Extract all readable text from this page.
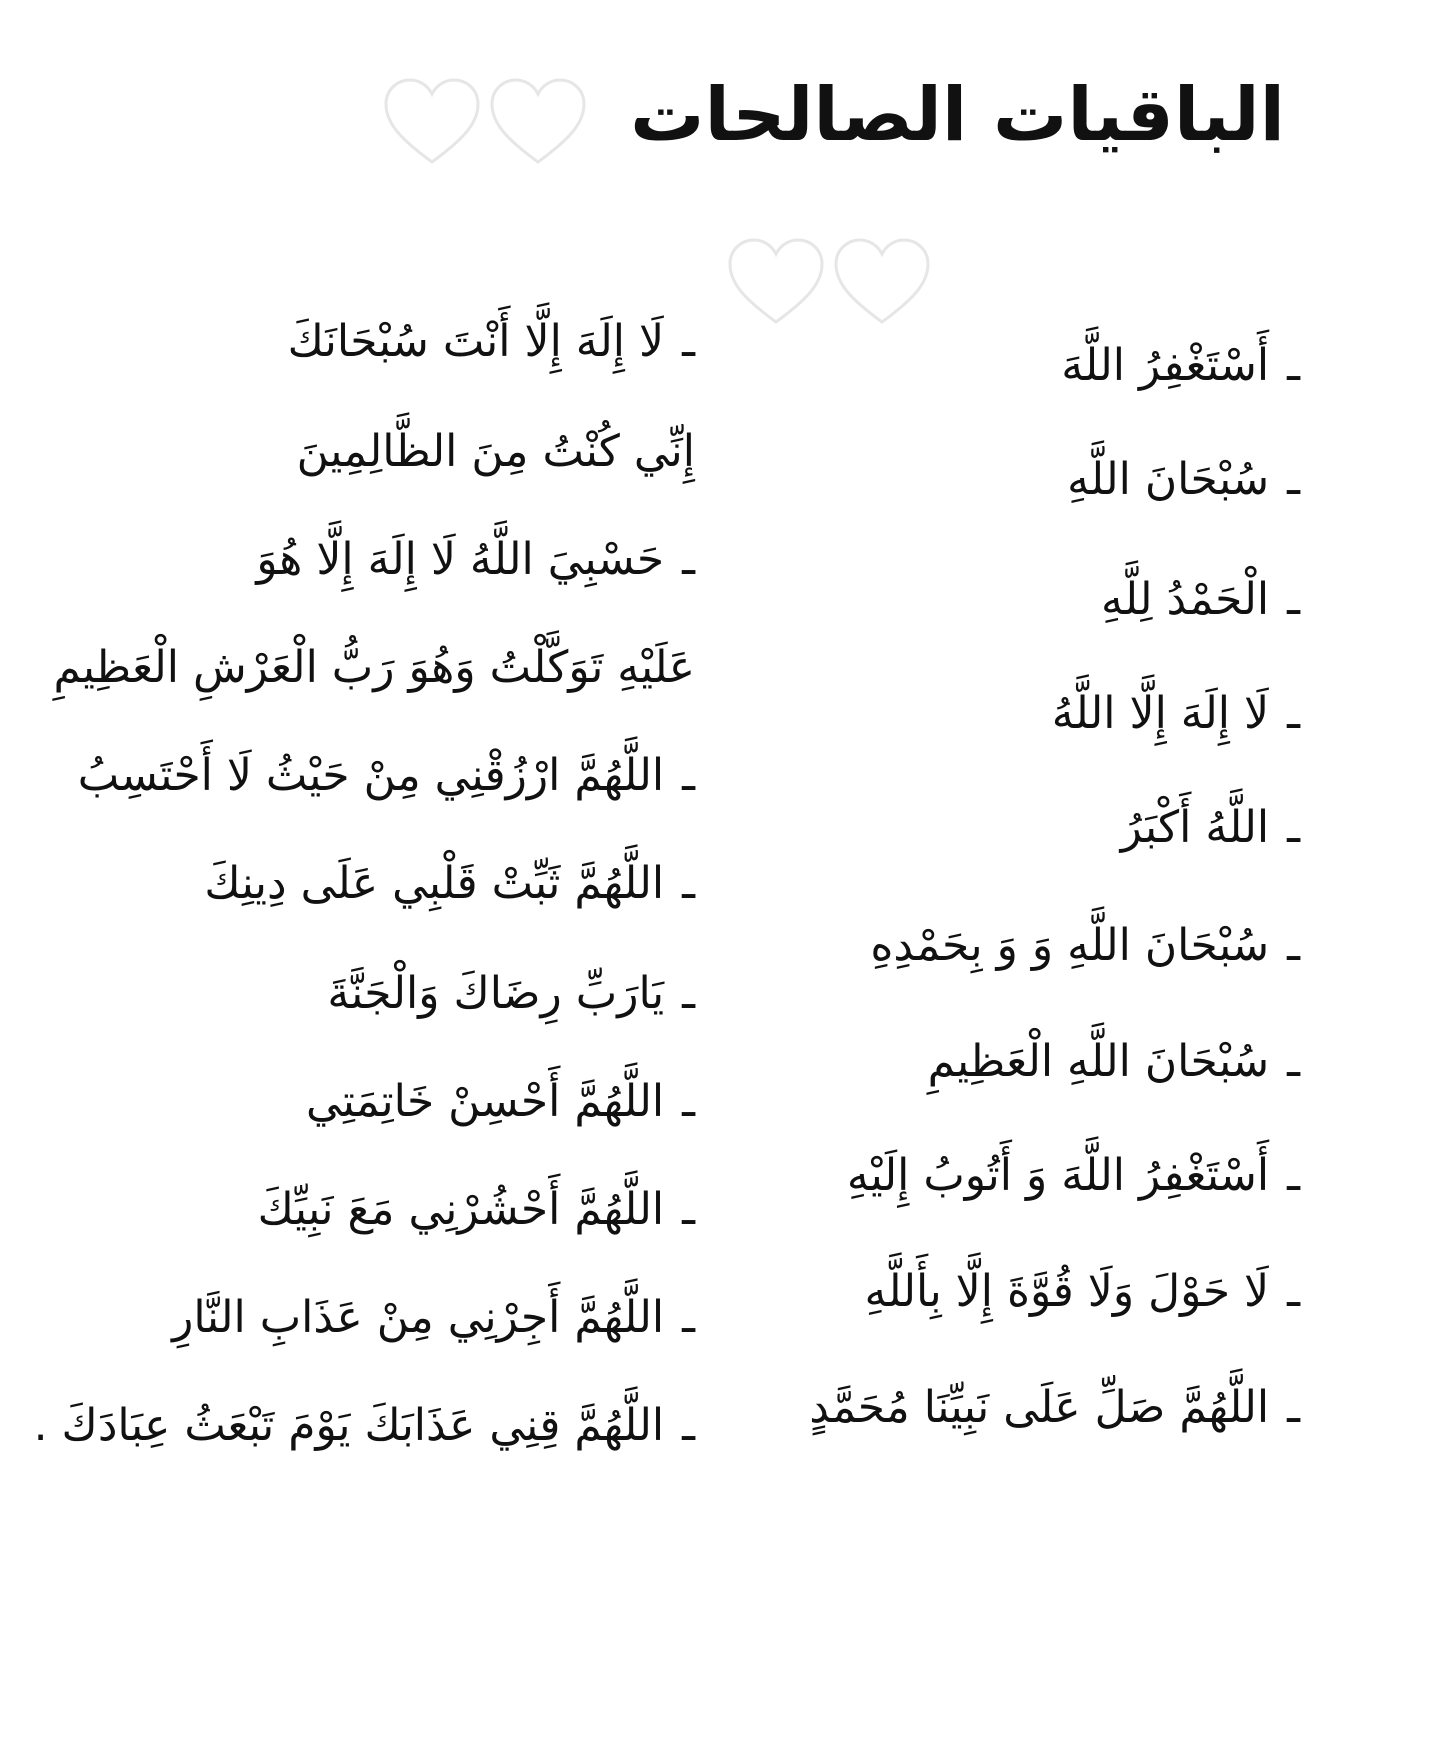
الباقيات الصالحات
ـأَسْتَغْفِرُ اللَّهَ
ـسُبْحَانَ اللَّهِ
ـالْحَمْدُ لِلَّهِ
ـلَا إِلَهَ إِلَّا اللَّهُ
ـاللَّهُ أَكْبَرُ
ـسُبْحَانَ اللَّهِ وَ وَ بِحَمْدِهِ
ـسُبْحَانَ اللَّهِ الْعَظِيمِ
ـأَسْتَغْفِرُ اللَّهَ وَ أَتُوبُ إِلَيْهِ
ـلَا حَوْلَ وَلَا قُوَّةَ إِلَّا بِأَللَّهِ
ـاللَّهُمَّ صَلِّ عَلَى نَبِيِّنَا مُحَمَّدٍ
ـلَا إِلَهَ إِلَّا أَنْتَ سُبْحَانَكَ
إِنِّي كُنْتُ مِنَ الظَّالِمِينَ
ـحَسْبِيَ اللَّهُ لَا إِلَهَ إِلَّا هُوَ
عَلَيْهِ تَوَكَّلْتُ وَهُوَ رَبُّ الْعَرْشِ الْعَظِيمِ
ـاللَّهُمَّ ارْزُقْنِي مِنْ حَيْثُ لَا أَحْتَسِبُ
ـاللَّهُمَّ ثَبِّتْ قَلْبِي عَلَى دِينِكَ
ـيَارَبِّ رِضَاكَ وَالْجَنَّةَ
ـاللَّهُمَّ أَحْسِنْ خَاتِمَتِي
ـاللَّهُمَّ أَحْشُرْنِي مَعَ نَبِيِّكَ
ـاللَّهُمَّ أَجِرْنِي مِنْ عَذَابِ النَّارِ
ـاللَّهُمَّ قِنِي عَذَابَكَ يَوْمَ تَبْعَثُ عِبَادَكَ .
